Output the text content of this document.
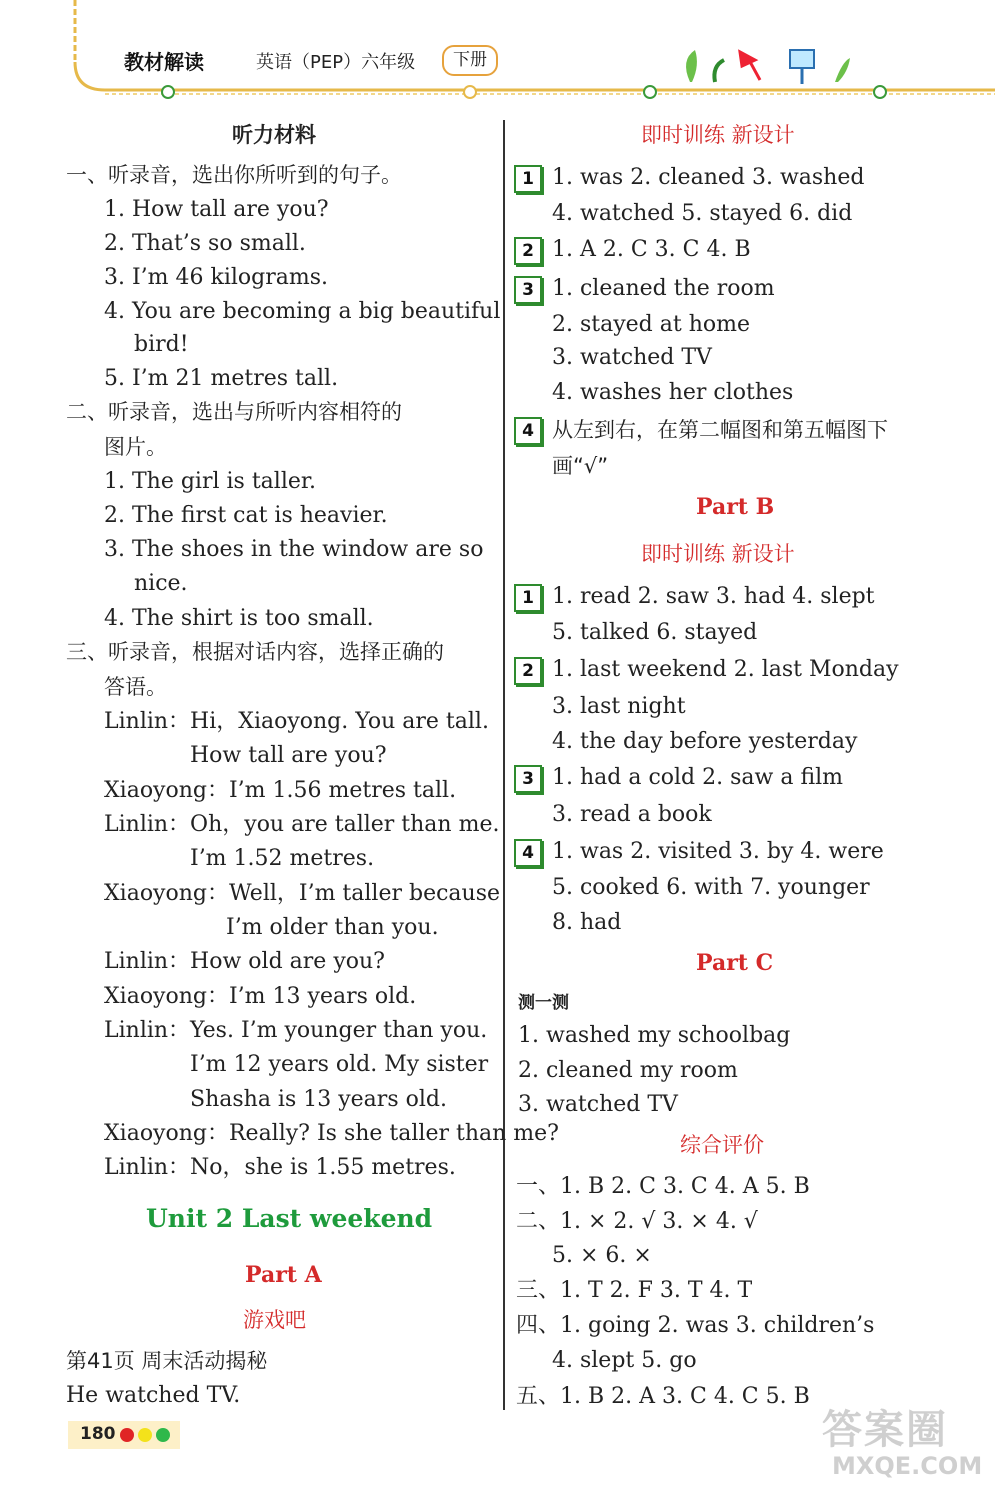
教材解读	英语（PEP）六年级	下册
听力材料
一、听录音，选出你所听到的句子。
1. How tall are you?
2. That’s so small.
3. I’m 46 kilograms.
4. You are becoming a big beautiful
bird!
5. I’m 21 metres tall.
二、听录音，选出与所听内容相符的
图片。
1. The girl is taller.
2. The first cat is heavier.
3. The shoes in the window are so
nice.
4. The shirt is too small.
三、听录音，根据对话内容，选择正确的
答语。
Linlin：Hi，Xiaoyong. You are tall.
How tall are you?
Xiaoyong：I’m 1.56 metres tall.
Linlin：Oh，you are taller than me.
I’m 1.52 metres.
Xiaoyong：Well，I’m taller because
I’m older than you.
Linlin：How old are you?
Xiaoyong：I’m 13 years old.
Linlin：Yes. I’m younger than you.
I’m 12 years old. My sister
Shasha is 13 years old.
Xiaoyong：Really? Is she taller than me?
Linlin：No，she is 1.55 metres.
Unit 2 Last weekend
Part A
游戏吧
第41页 周末活动揭秘
He watched TV.
即时训练 新设计
1 1. was 2. cleaned 3. washed
4. watched 5. stayed 6. did
2 1. A 2. C 3. C 4. B
3 1. cleaned the room
2. stayed at home
3. watched TV
4. washes her clothes
4 从左到右，在第二幅图和第五幅图下
画“√”
Part B
即时训练 新设计
1 1. read 2. saw 3. had 4. slept
5. talked 6. stayed
2 1. last weekend 2. last Monday
3. last night
4. the day before yesterday
3 1. had a cold 2. saw a film
3. read a book
4 1. was 2. visited 3. by 4. were
5. cooked 6. with 7. younger
8. had
Part C
测一测
1. washed my schoolbag
2. cleaned my room
3. watched TV
综合评价
一、1. B 2. C 3. C 4. A 5. B
二、1. × 2. √ 3. × 4. √
5. × 6. ×
三、1. T 2. F 3. T 4. T
四、1. going 2. was 3. children’s
4. slept 5. go
五、1. B 2. A 3. C 4. C 5. B
180	答案圈
MXQE.COM
